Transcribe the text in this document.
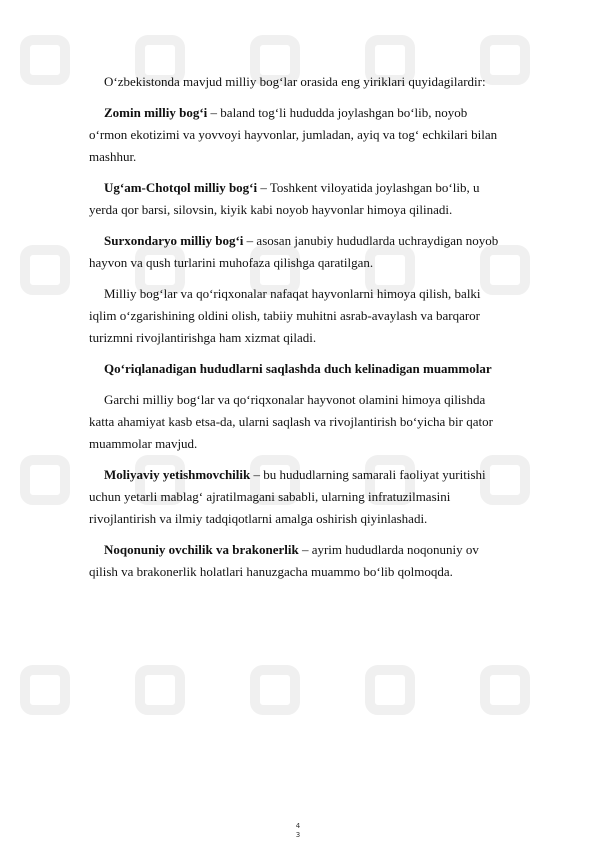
O‘zbekistonda mavjud milliy bog‘lar orasida eng yiriklari quyidagilardir:

Zomin milliy bog‘i – baland tog‘li hududda joylashgan bo‘lib, noyob o‘rmon ekotizimi va yovvoyi hayvonlar, jumladan, ayiq va tog‘ echkilari bilan mashhur.

Ug‘am-Chotqol milliy bog‘i – Toshkent viloyatida joylashgan bo‘lib, u yerda qor barsi, silovsin, kiyik kabi noyob hayvonlar himoya qilinadi.

Surxondaryo milliy bog‘i – asosan janubiy hududlarda uchraydigan noyob hayvon va qush turlarini muhofaza qilishga qaratilgan.

Milliy bog‘lar va qo‘riqxonalar nafaqat hayvonlarni himoya qilish, balki iqlim o‘zgarishining oldini olish, tabiiy muhitni asrab-avaylash va barqaror turizmni rivojlantirishga ham xizmat qiladi.

Qo‘riqlanadigan hududlarni saqlashda duch kelinadigan muammolar

Garchi milliy bog‘lar va qo‘riqxonalar hayvonot olamini himoya qilishda katta ahamiyat kasb etsa-da, ularni saqlash va rivojlantirish bo‘yicha bir qator muammolar mavjud.

Moliyaviy yetishmovchilik – bu hududlarning samarali faoliyat yuritishi uchun yetarli mablag‘ ajratilmagani sababli, ularning infratuzilmasini rivojlantirish va ilmiy tadqiqotlarni amalga oshirish qiyinlashadi.

Noqonuniy ovchilik va brakonerlik – ayrim hududlarda noqonuniy ov qilish va brakonerlik holatlari hanuzgacha muammo bo‘lib qolmoqda.

4
3
